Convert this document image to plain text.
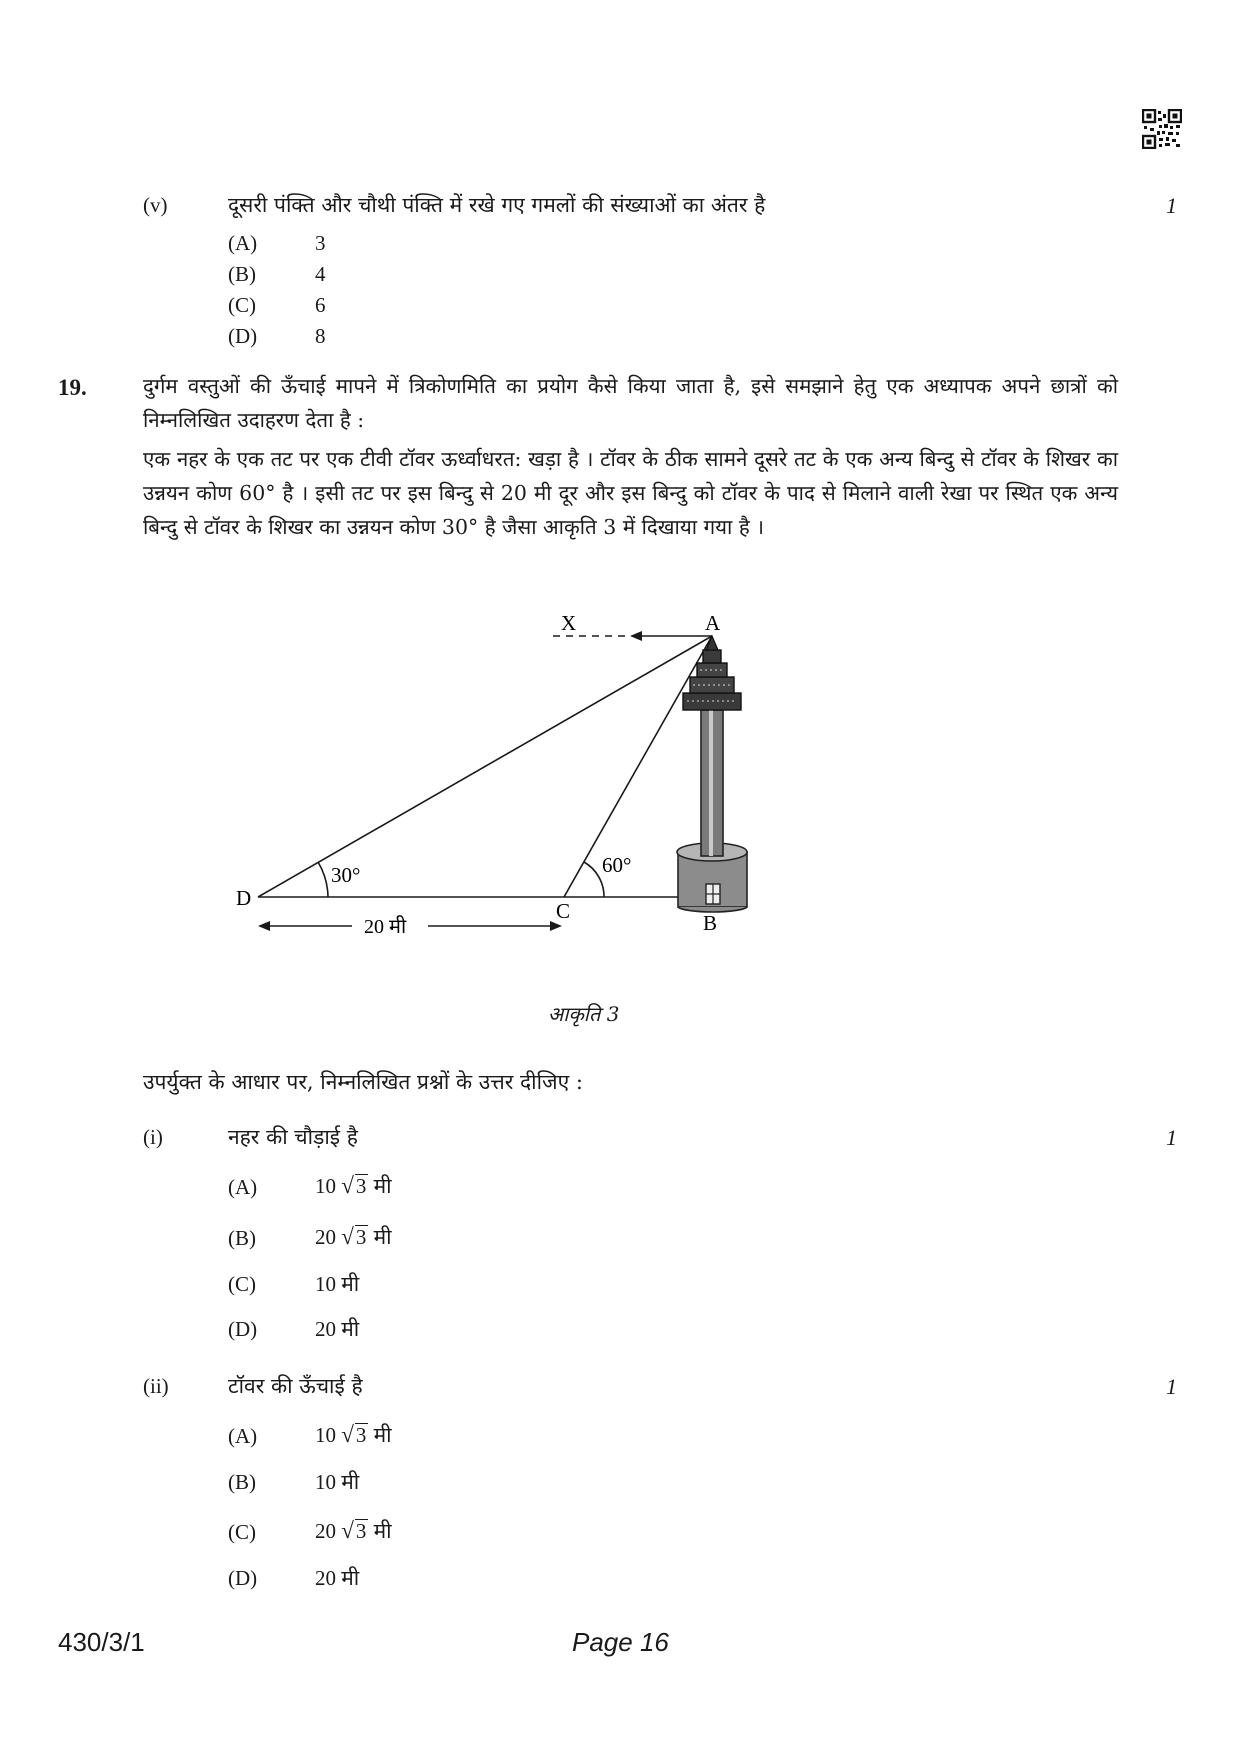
(v)	दूसरी पंक्ति और चौथी पंक्ति में रखे गए गमलों की संख्याओं का अंतर है	1
(A)	3
(B)	4
(C)	6
(D)	8
19.	दुर्गम वस्तुओं की ऊँचाई मापने में त्रिकोणमिति का प्रयोग कैसे किया जाता है, इसे समझाने हेतु एक अध्यापक अपने छात्रों को निम्नलिखित उदाहरण देता है :
एक नहर के एक तट पर एक टीवी टॉवर ऊर्ध्वाधरत: खड़ा है । टॉवर के ठीक सामने दूसरे तट के एक अन्य बिन्दु से टॉवर के शिखर का उन्नयन कोण 60° है । इसी तट पर इस बिन्दु से 20 मी दूर और इस बिन्दु को टॉवर के पाद से मिलाने वाली रेखा पर स्थित एक अन्य बिन्दु से टॉवर के शिखर का उन्नयन कोण 30° है जैसा आकृति 3 में दिखाया गया है ।
X	A
D
C	B
30°	60°
20 मी
आकृति 3
उपर्युक्त के आधार पर, निम्नलिखित प्रश्नों के उत्तर दीजिए :
(i)	नहर की चौड़ाई है	1
(A)	10 √3 मी
(B)	20 √3 मी
(C)	10 मी
(D)	20 मी
(ii)	टॉवर की ऊँचाई है	1
(A)	10 √3 मी
(B)	10 मी
(C)	20 √3 मी
(D)	20 मी
430/3/1	Page 16
